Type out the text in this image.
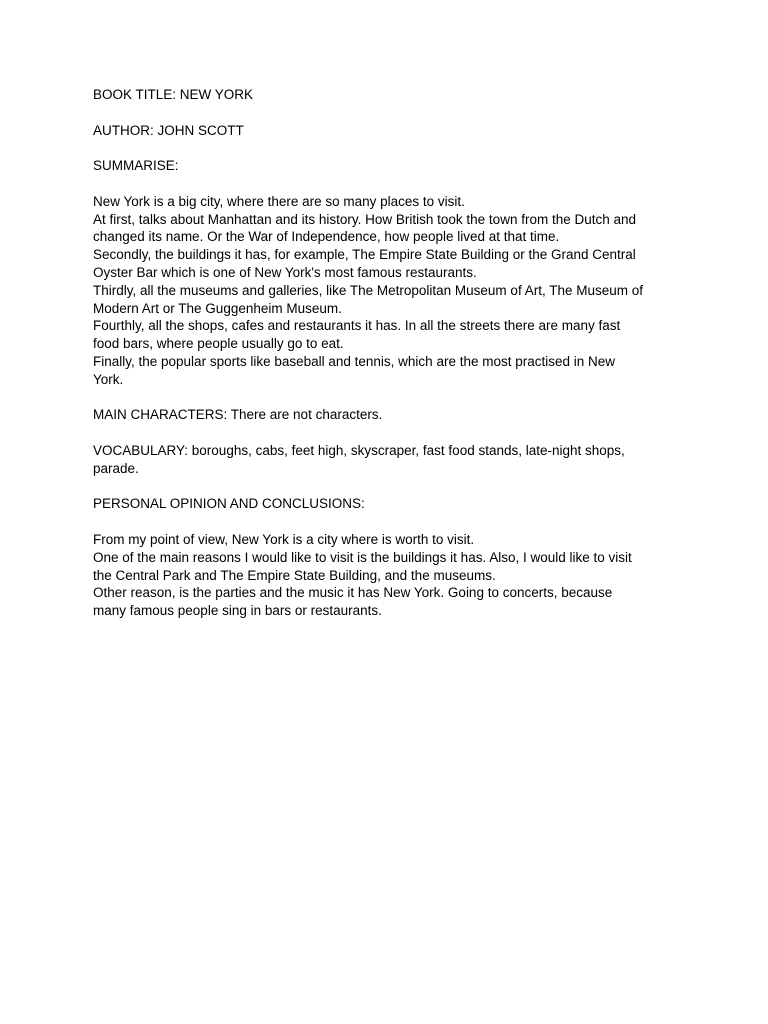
BOOK TITLE: NEW YORK
AUTHOR: JOHN SCOTT
SUMMARISE:
New York is a big city, where there are so many places to visit.
At first, talks about Manhattan and its history. How British took the town from the Dutch and
changed its name. Or the War of Independence, how people lived at that time.
Secondly, the buildings it has, for example, The Empire State Building or the Grand Central
Oyster Bar which is one of New York's most famous restaurants.
Thirdly, all the museums and galleries, like The Metropolitan Museum of Art, The Museum of
Modern Art or The Guggenheim Museum.
Fourthly, all the shops, cafes and restaurants it has. In all the streets there are many fast
food bars, where people usually go to eat.
Finally, the popular sports like baseball and tennis, which are the most practised in New
York.
MAIN CHARACTERS: There are not characters.
VOCABULARY: boroughs, cabs, feet high, skyscraper, fast food stands, late-night shops,
parade.
PERSONAL OPINION AND CONCLUSIONS:
From my point of view, New York is a city where is worth to visit.
One of the main reasons I would like to visit is the buildings it has. Also, I would like to visit
the Central Park and The Empire State Building, and the museums.
Other reason, is the parties and the music it has New York. Going to concerts, because
many famous people sing in bars or restaurants.
